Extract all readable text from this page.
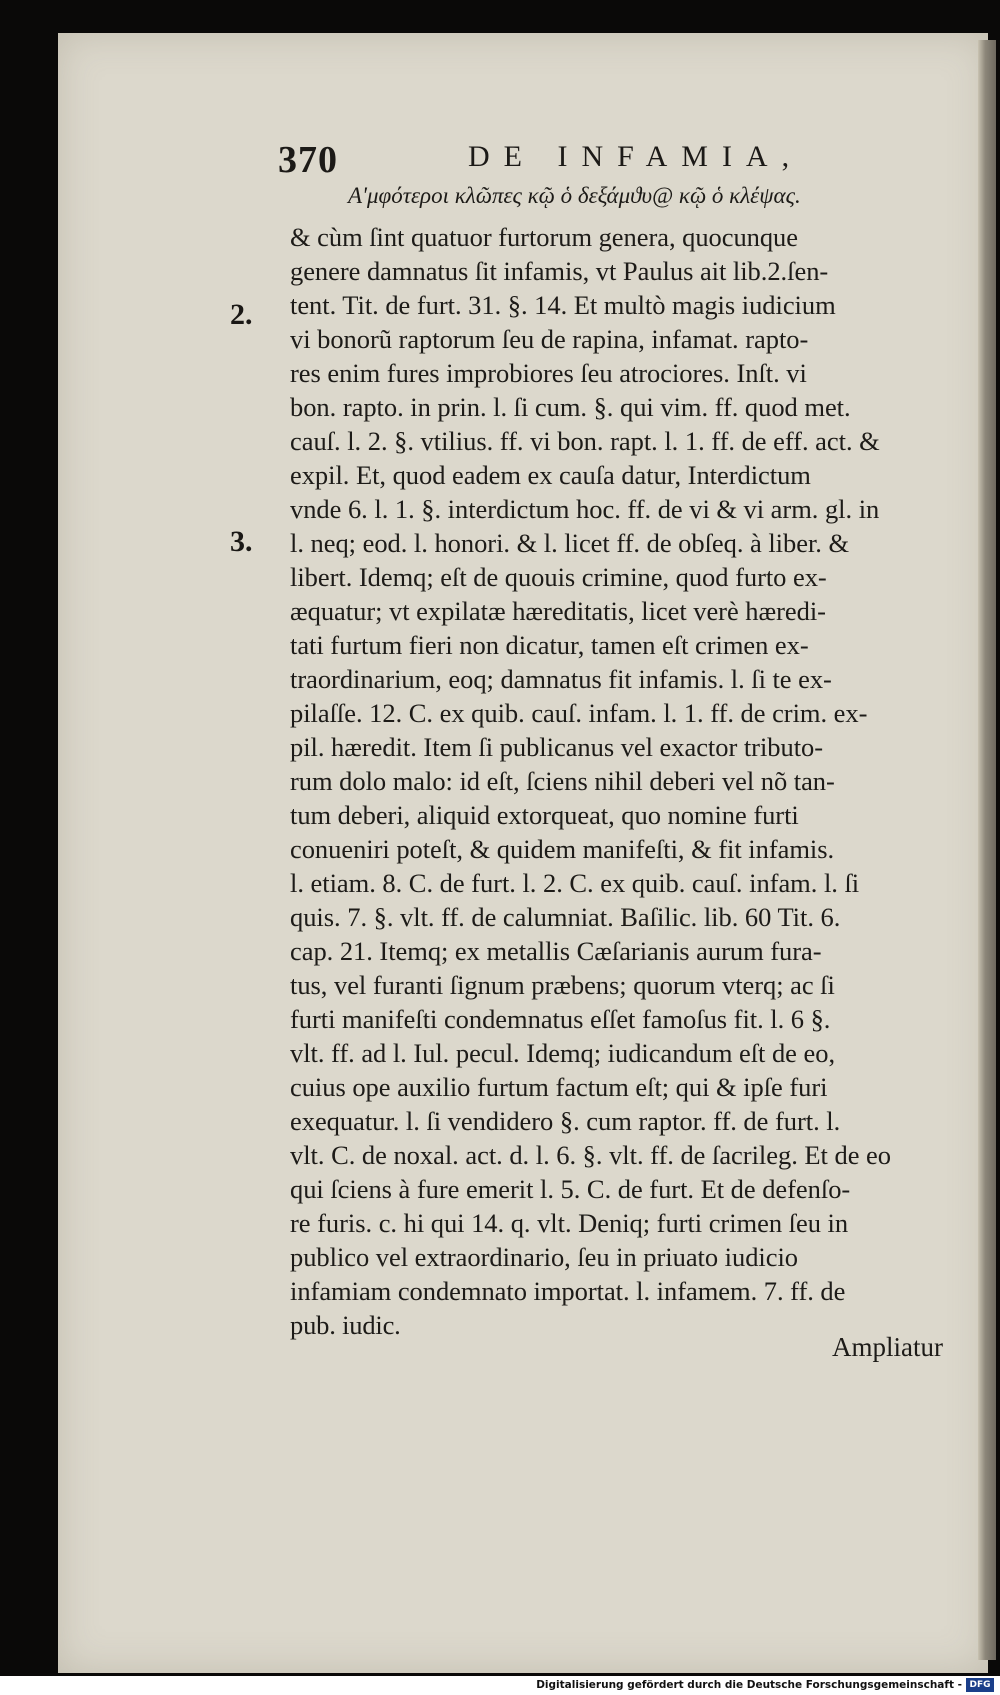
370	DE INFAMIA,
Αʹμφότεροι κλῶπες κῷ ὁ δεξάμϑυ@ κῷ ὁ κλέψας.
2.
3.
& cùm ſint quatuor furtorum genera, quocunque
genere damnatus ſit infamis, vt Paulus ait lib.2.ſen-
tent. Tit. de furt. 31. §. 14. Et multò magis iudicium
vi bonorũ raptorum ſeu de rapina, infamat. rapto-
res enim fures improbiores ſeu atrociores. Inſt. vi
bon. rapto. in prin. l. ſi cum. §. qui vim. ff. quod met.
cauſ. l. 2. §. vtilius. ff. vi bon. rapt. l. 1. ff. de eff. act. &
expil. Et, quod eadem ex cauſa datur, Interdictum
vnde 6. l. 1. §. interdictum hoc. ff. de vi & vi arm. gl. in
l. neq; eod. l. honori. & l. licet ff. de obſeq. à liber. &
libert. Idemq; eſt de quouis crimine, quod furto ex-
æquatur; vt expilatæ hæreditatis, licet verè hæredi-
tati furtum fieri non dicatur, tamen eſt crimen ex-
traordinarium, eoq; damnatus fit infamis. l. ſi te ex-
pilaſſe. 12. C. ex quib. cauſ. infam. l. 1. ff. de crim. ex-
pil. hæredit. Item ſi publicanus vel exactor tributo-
rum dolo malo: id eſt, ſciens nihil deberi vel nõ tan-
tum deberi, aliquid extorqueat, quo nomine furti
conueniri poteſt, & quidem manifeſti, & fit infamis.
l. etiam. 8. C. de furt. l. 2. C. ex quib. cauſ. infam. l. ſi
quis. 7. §. vlt. ff. de calumniat. Baſilic. lib. 60 Tit. 6.
cap. 21. Itemq; ex metallis Cæſarianis aurum fura-
tus, vel furanti ſignum præbens; quorum vterq; ac ſi
furti manifeſti condemnatus eſſet famoſus fit. l. 6 §.
vlt. ff. ad l. Iul. pecul. Idemq; iudicandum eſt de eo,
cuius ope auxilio furtum factum eſt; qui & ipſe furi
exequatur. l. ſi vendidero §. cum raptor. ff. de furt. l.
vlt. C. de noxal. act. d. l. 6. §. vlt. ff. de ſacrileg. Et de eo
qui ſciens à fure emerit l. 5. C. de furt. Et de defenſo-
re furis. c. hi qui 14. q. vlt. Deniq; furti crimen ſeu in
publico vel extraordinario, ſeu in priuato iudicio
infamiam condemnato importat. l. infamem. 7. ff. de
pub. iudic.
Ampliatur
Digitalisierung gefördert durch die Deutsche Forschungsgemeinschaft - DFG
